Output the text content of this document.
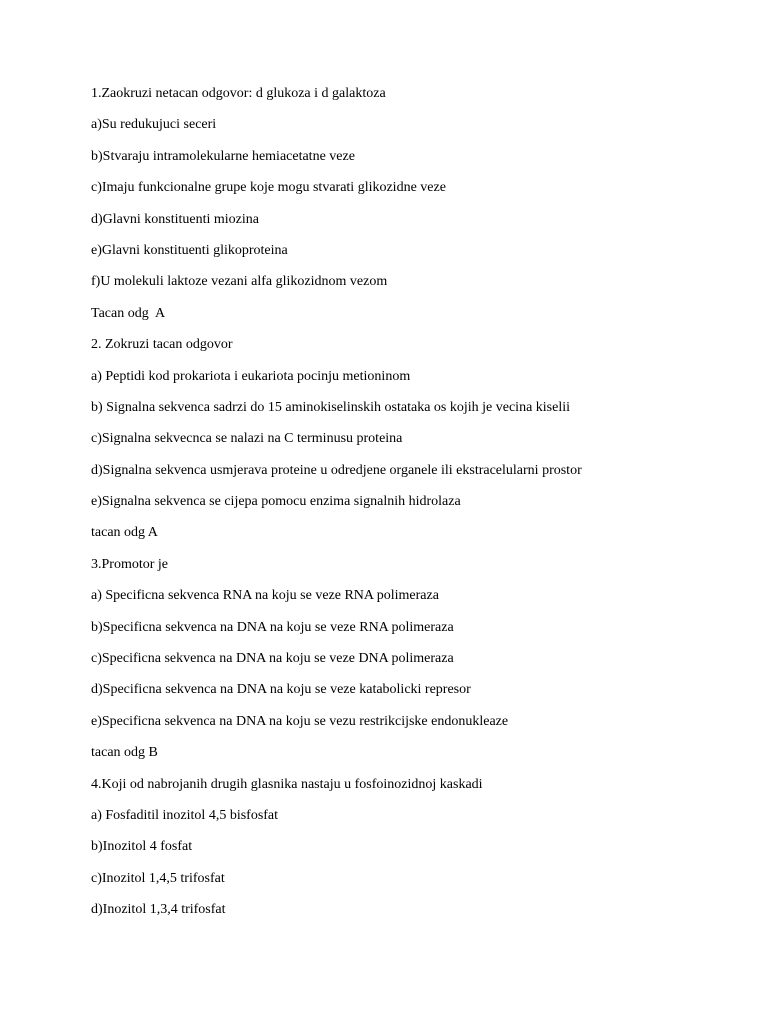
1.Zaokruzi netacan odgovor: d glukoza i d galaktoza

a)Su redukujuci seceri

b)Stvaraju intramolekularne hemiacetatne veze

c)Imaju funkcionalne grupe koje mogu stvarati glikozidne veze

d)Glavni konstituenti miozina

e)Glavni konstituenti glikoproteina

f)U molekuli laktoze vezani alfa glikozidnom vezom

Tacan odg  A

2. Zokruzi tacan odgovor

a) Peptidi kod prokariota i eukariota pocinju metioninom

b) Signalna sekvenca sadrzi do 15 aminokiselinskih ostataka os kojih je vecina kiselii

c)Signalna sekvecnca se nalazi na C terminusu proteina

d)Signalna sekvenca usmjerava proteine u odredjene organele ili ekstracelularni prostor

e)Signalna sekvenca se cijepa pomocu enzima signalnih hidrolaza

tacan odg A

3.Promotor je

a) Specificna sekvenca RNA na koju se veze RNA polimeraza

b)Specificna sekvenca na DNA na koju se veze RNA polimeraza

c)Specificna sekvenca na DNA na koju se veze DNA polimeraza

d)Specificna sekvenca na DNA na koju se veze katabolicki represor

e)Specificna sekvenca na DNA na koju se vezu restrikcijske endonukleaze

tacan odg B

4.Koji od nabrojanih drugih glasnika nastaju u fosfoinozidnoj kaskadi

a) Fosfaditil inozitol 4,5 bisfosfat

b)Inozitol 4 fosfat

c)Inozitol 1,4,5 trifosfat

d)Inozitol 1,3,4 trifosfat
